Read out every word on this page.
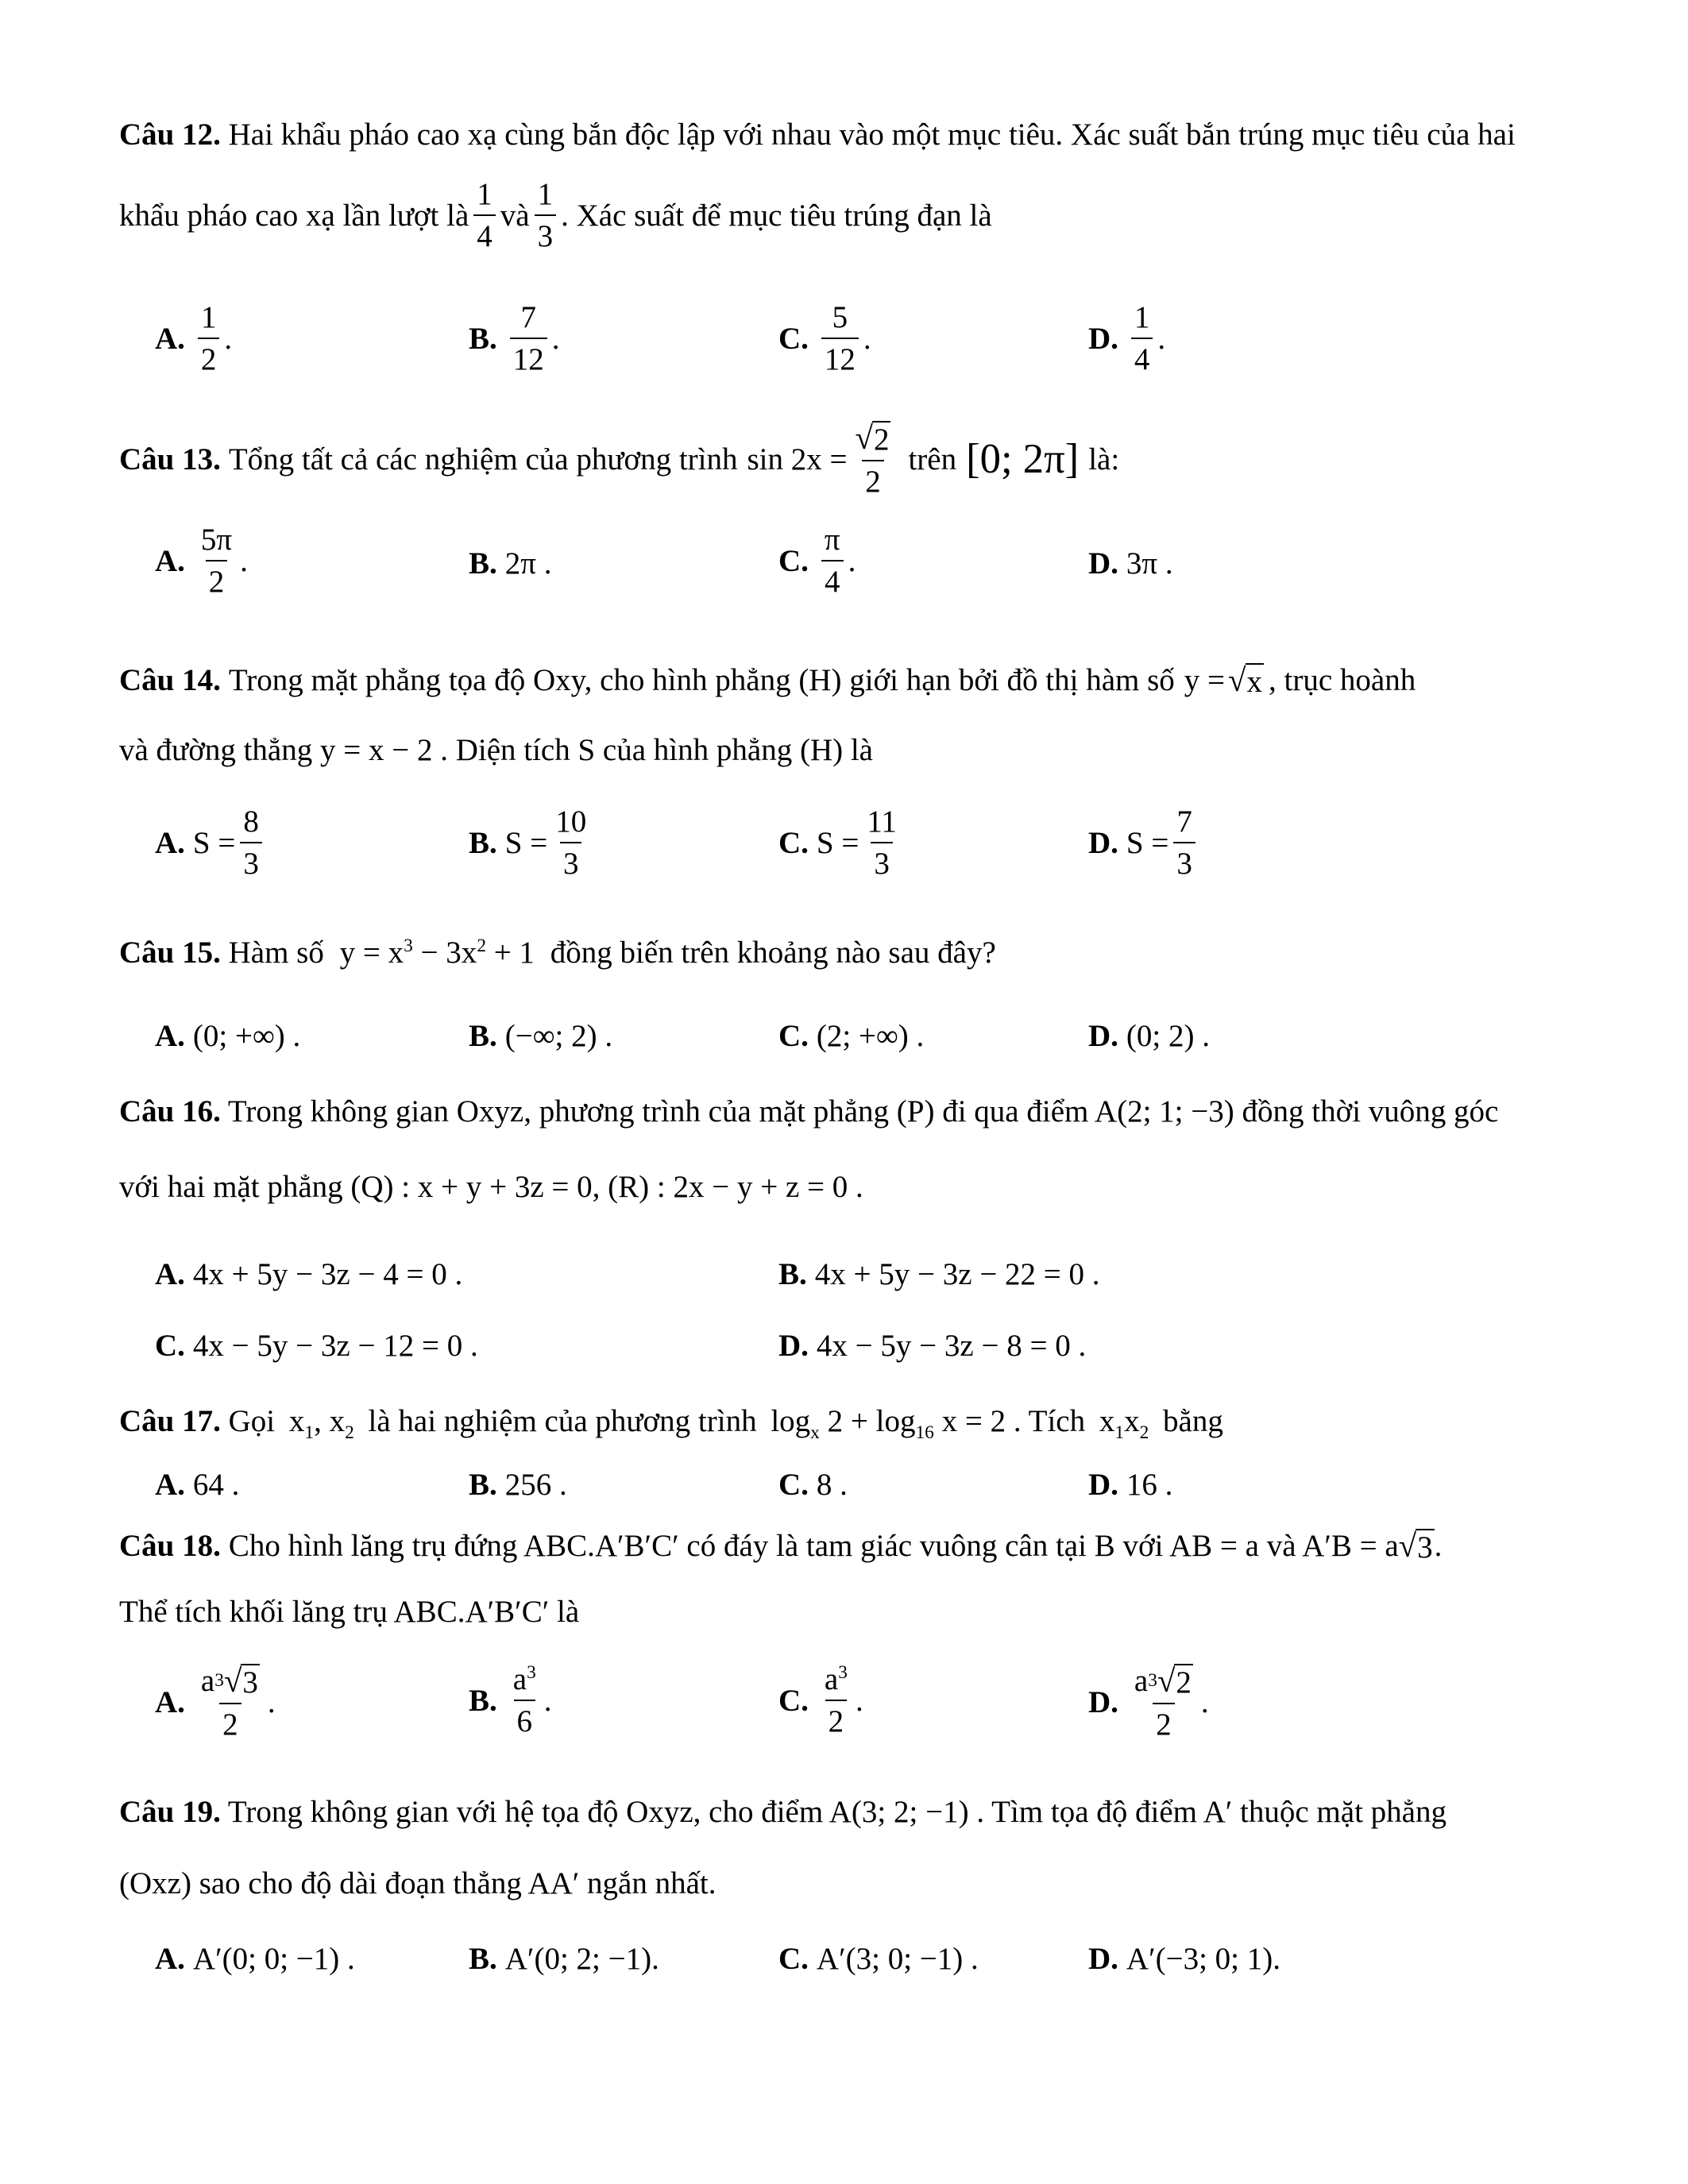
Câu 12. Hai khẩu pháo cao xạ cùng bắn độc lập với nhau vào một mục tiêu. Xác suất bắn trúng mục tiêu của hai
khẩu pháo cao xạ lần lượt là $\frac{1}{4}$ và $\frac{1}{3}$ . Xác suất để mục tiêu trúng đạn là
A. $\frac{1}{2}$ .	B. $\frac{7}{12}$ .	C. $\frac{5}{12}$ .	D. $\frac{1}{4}$ .
Câu 13. Tổng tất cả các nghiệm của phương trình $\sin 2x = \frac{√ 2}{2}$ trên [0; 2π] là:
A. $\frac{5\pi}{2}$ .	B. 2π .	C. $\frac{\pi}{4}$ .	D. 3π .
Câu 14. Trong mặt phẳng tọa độ Oxy, cho hình phẳng (H) giới hạn bởi đồ thị hàm số y = √ x , trục hoành
và đường thẳng y = x − 2 . Diện tích S của hình phẳng (H) là
A. $S = \frac{8}{3}$	B. $S = \frac{10}{3}$	C. $S = \frac{11}{3}$	D. $S = \frac{7}{3}$
Câu 15. Hàm số $y = x^3 - 3x^2 + 1$ đồng biến trên khoảng nào sau đây?
A. (0; +∞) .	B. (−∞; 2) .	C. (2; +∞) .	D. (0; 2) .
Câu 16. Trong không gian Oxyz, phương trình của mặt phẳng (P) đi qua điểm A(2; 1; −3) đồng thời vuông góc
với hai mặt phẳng (Q) : x + y + 3z = 0, (R) : 2x − y + z = 0 .
A. 4x + 5y − 3z − 4 = 0 .	B. 4x + 5y − 3z − 22 = 0 .
C. 4x − 5y − 3z − 12 = 0 .	D. 4x − 5y − 3z − 8 = 0 .
Câu 17. Gọi $x_1$, $x_2$ là hai nghiệm của phương trình $\log_x 2 + \log_{16} x = 2$ . Tích $x_1x_2$ bằng
A. 64 .	B. 256 .	C. 8 .	D. 16 .
Câu 18. Cho hình lăng trụ đứng ABC.A′B′C′ có đáy là tam giác vuông cân tại B với AB = a và A′B = a √ 3 .
Thể tích khối lăng trụ ABC.A′B′C′ là
A. $\frac{a 3 √ 3}{2}$ .	B. $\frac{a^3}{6}$ .	C. $\frac{a^3}{2}$ .	D. $\frac{a 3 √ 2}{2}$ .
Câu 19. Trong không gian với hệ tọa độ Oxyz, cho điểm A(3; 2; −1) . Tìm tọa độ điểm A′ thuộc mặt phẳng
(Oxz) sao cho độ dài đoạn thẳng AA′ ngắn nhất.
A. A′(0; 0; −1) .	B. A′(0; 2; −1).	C. A′(3; 0; −1) .	D. A′(−3; 0; 1).
